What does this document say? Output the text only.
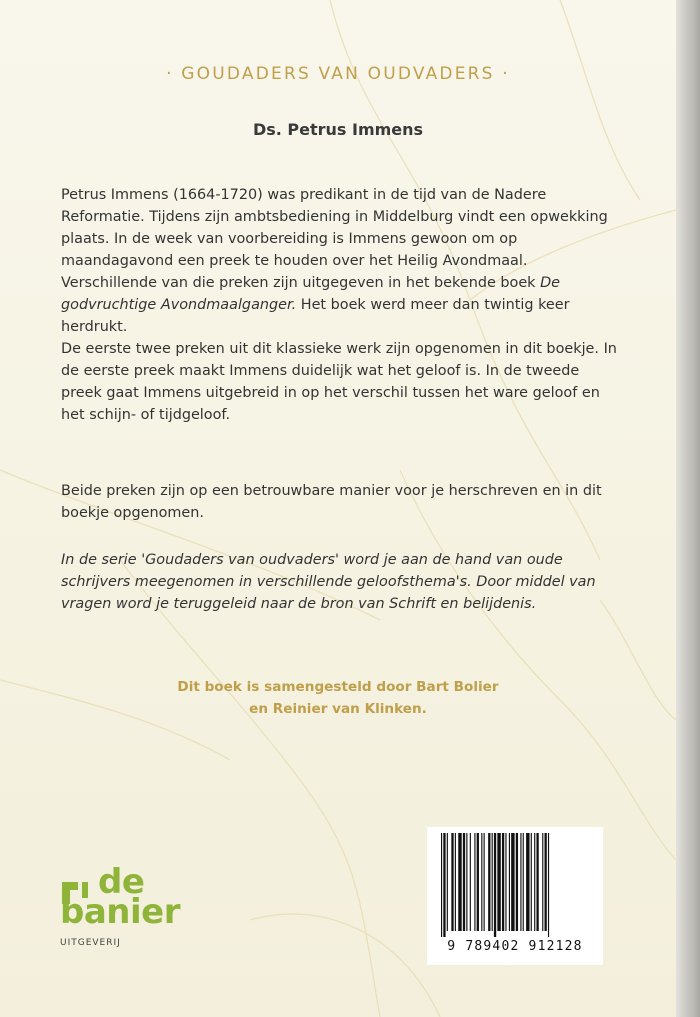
· GOUDADERS VAN OUDVADERS ·
Ds. Petrus Immens

Petrus Immens (1664-1720) was predikant in de tijd van de Nadere Reformatie. Tijdens zijn ambtsbediening in Middelburg vindt een opwekking plaats. In de week van voorbereiding is Immens gewoon om op maandagavond een preek te houden over het Heilig Avondmaal. Verschillende van die preken zijn uitgegeven in het bekende boek De godvruchtige Avondmaalganger. Het boek werd meer dan twintig keer herdrukt.

De eerste twee preken uit dit klassieke werk zijn opgenomen in dit boekje. In de eerste preek maakt Immens duidelijk wat het geloof is. In de tweede preek gaat Immens uitgebreid in op het verschil tussen het ware geloof en het schijn- of tijdgeloof.

Beide preken zijn op een betrouwbare manier voor je herschreven en in dit boekje opgenomen.
In de serie 'Goudaders van oudvaders' word je aan de hand van oude schrijvers meegenomen in verschillende geloofsthema's. Door middel van vragen word je teruggeleid naar de bron van Schrift en belijdenis.
Dit boek is samengesteld door Bart Bolier
en Reinier van Klinken.
de
banier
UITGEVERIJ	9 789402 912128
